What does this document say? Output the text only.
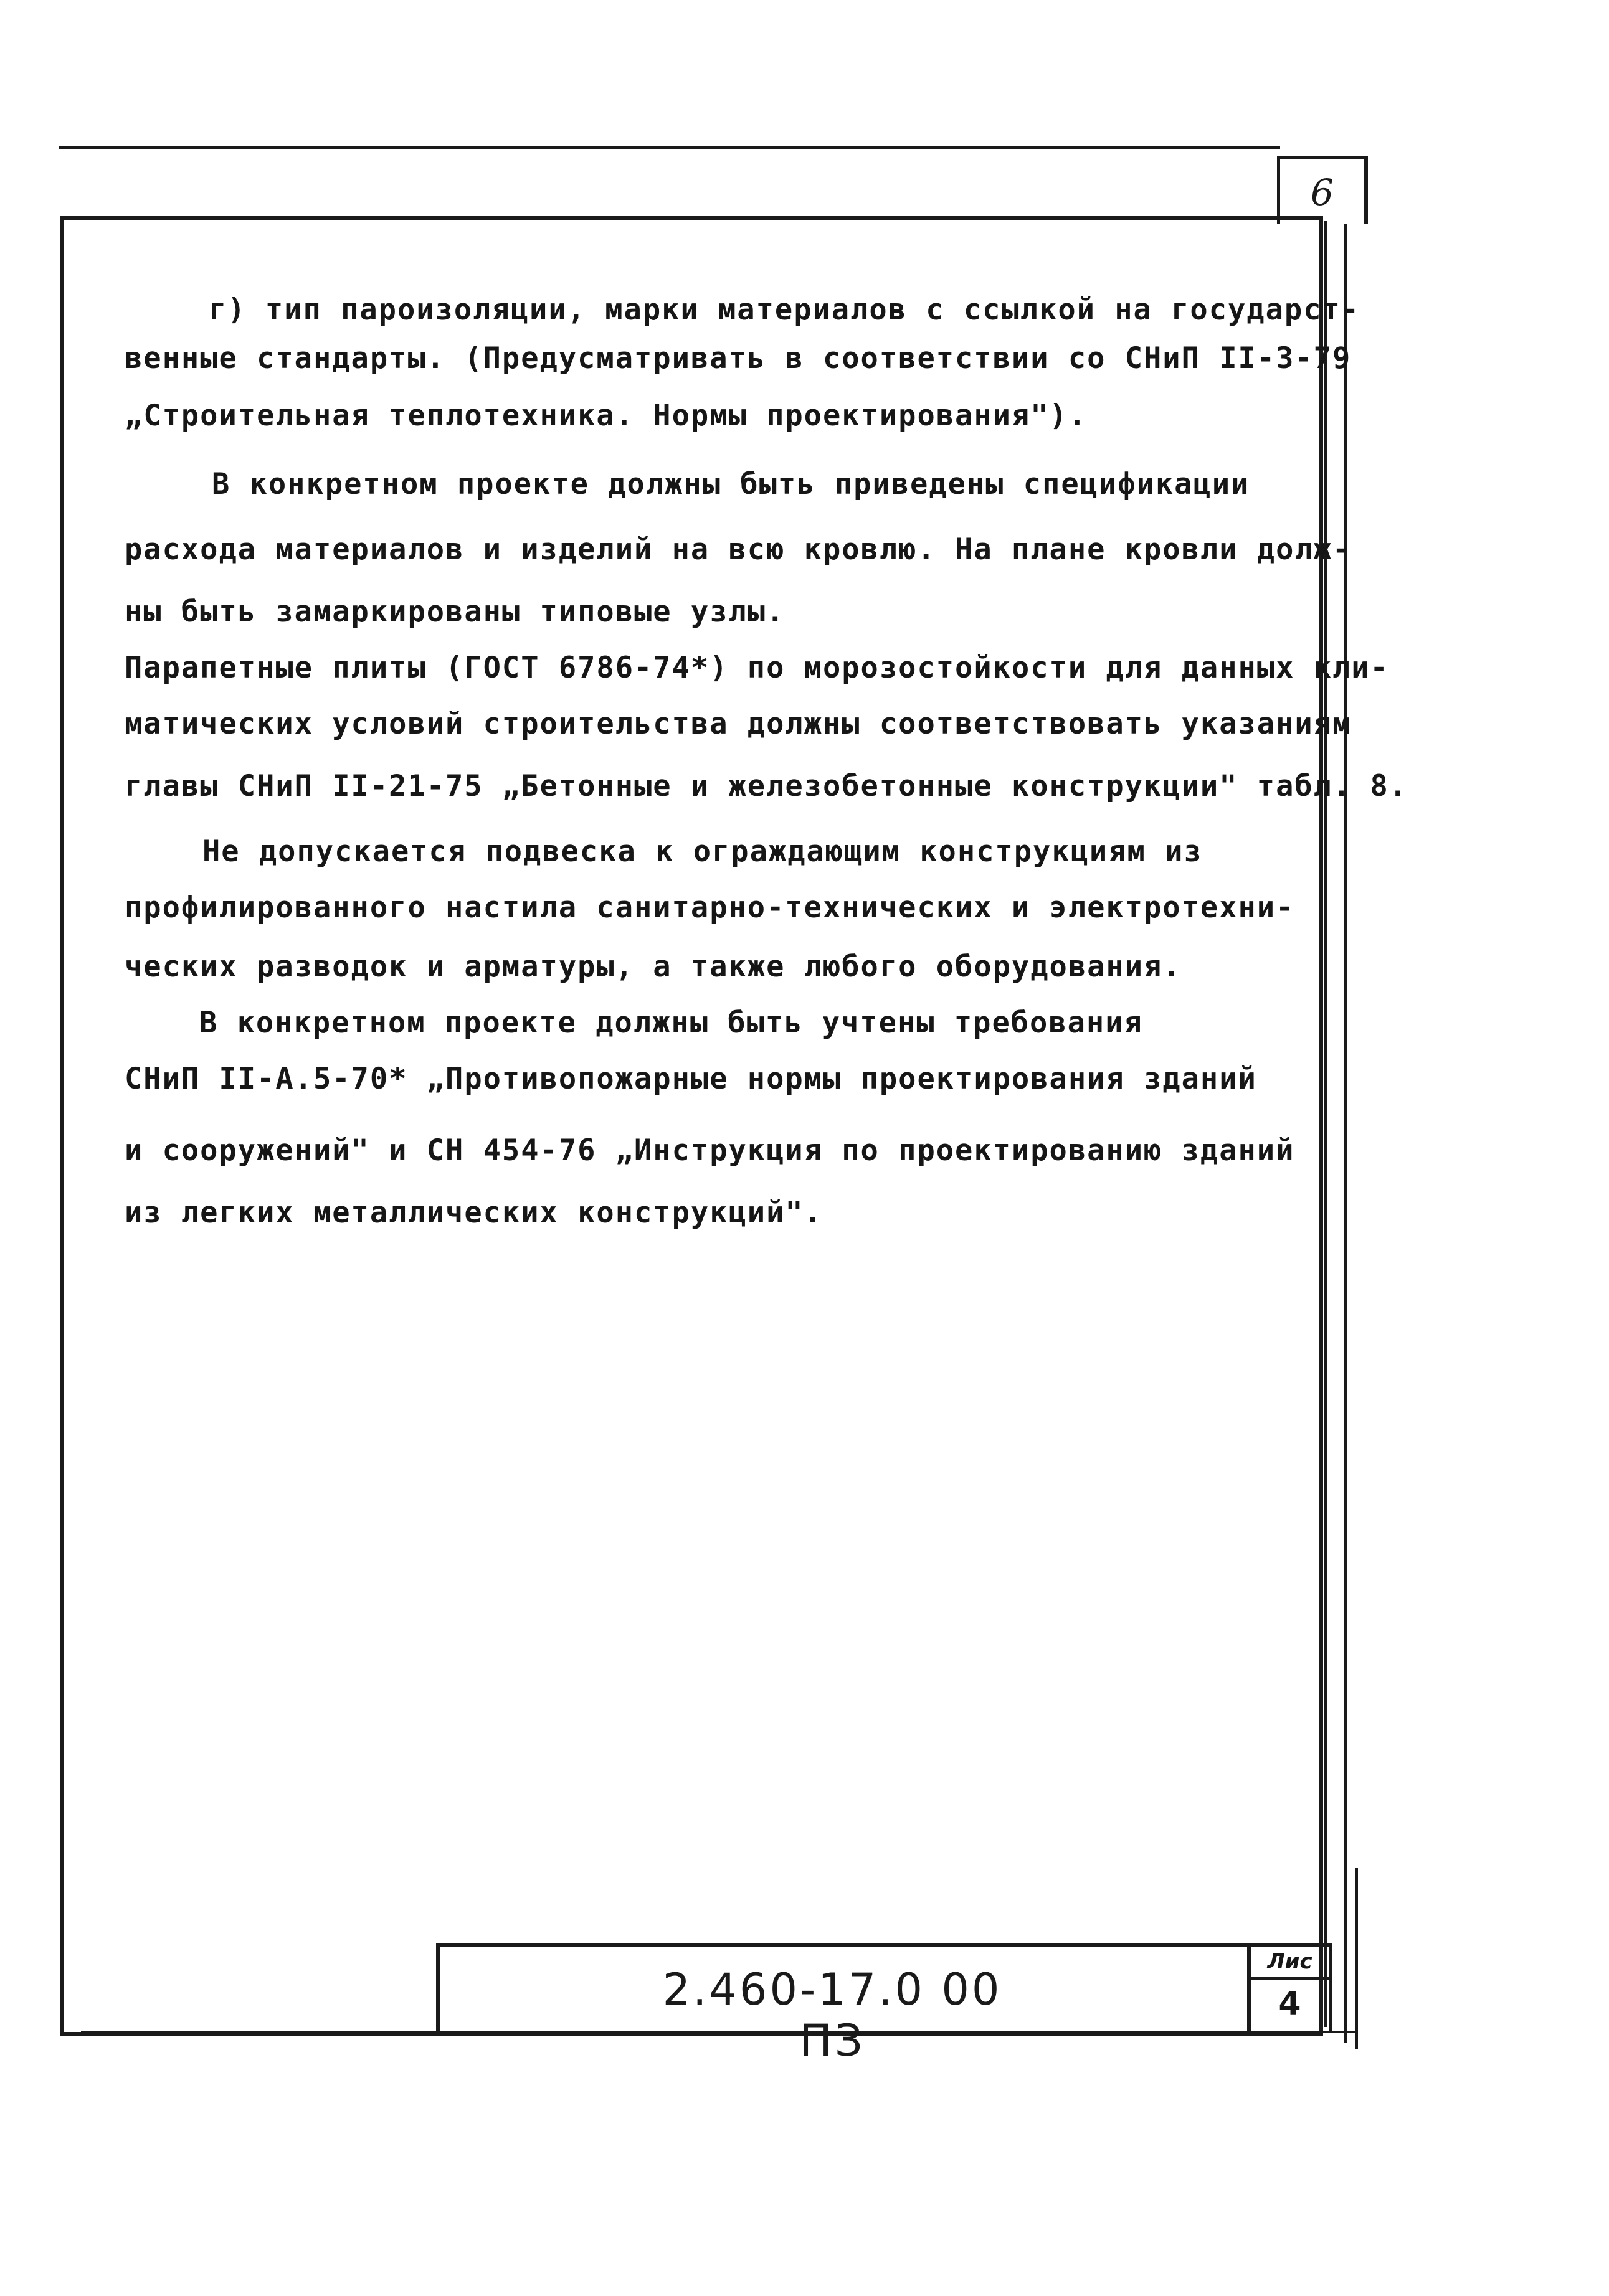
6
г) тип пароизоляции, марки материалов с ссылкой на государст-
венные стандарты. (Предусматривать в соответствии со СНиП II-3-79
„Строительная теплотехника. Нормы проектирования").
В конкретном проекте должны быть приведены спецификации
расхода материалов и изделий на всю кровлю. На плане кровли долж-
ны быть замаркированы типовые узлы.
Парапетные плиты (ГОСТ 6786-74*) по морозостойкости для данных кли-
матических условий строительства должны соответствовать указаниям
главы СНиП II-21-75 „Бетонные и железобетонные конструкции" табл. 8.
Не допускается подвеска к ограждающим конструкциям из
профилированного настила санитарно-технических и электротехни-
ческих разводок и арматуры, а также любого оборудования.
В конкретном проекте должны быть учтены требования
СНиП II-А.5-70* „Противопожарные нормы проектирования зданий
и сооружений" и СН 454-76 „Инструкция по проектированию зданий
из легких металлических конструкций".
2.460-17.0 00 ПЗ
Лис
4
